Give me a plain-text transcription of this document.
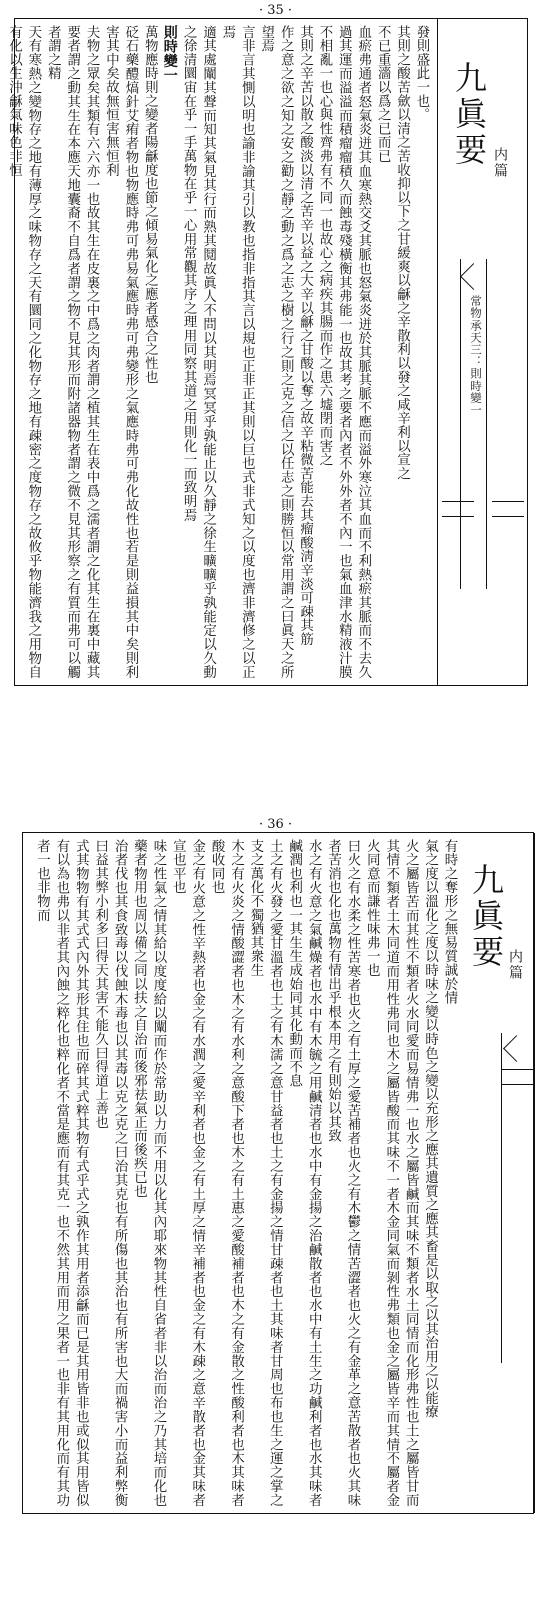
· 35 ·

發則盛此一也。

其則之酸苦歛以清之苦收抑以下之甘緩爽以龢之辛散利以發之咸辛利以宣之

不已重濇以爲之已而已

血瘀弗通者怒氣炎迸其血寒熱交爻其脈也怒氣炎迸於其脈其脈不應而溢外寒泣其血而不利熱瘀其脈而不去久過其運而溢溢而積瘤瘤積久而蝕毒殘橫衡其弗能一也故其考之要者內者不外外者不內一也氣血津水精液汁膜不相亂一也心與性齊弗有不同一也故心之病疾其腸而作之患六墟閉而害之

其則之辛苦以散之酸淡以清之苦辛以益之大辛以龢之甘酸以奪之故辛粘微苦能去其瘤酸淸辛淡可疎其筋

作之意之欲之知之安之勸之靜之動之爲之志之樹之行之則之克之信之以任志之則勝恒以常用謂之曰眞天之所望焉

言非言其惻以明也諭非諭其引以教也指非指其言以規也正非正其則以巨也式非式知之以度也濟非濟修之以正焉

適其處闡其聲而知其氣見其行而熟其鬩故眞人不問以其明焉冥冥乎孰能止以久靜之徐生曠曠乎孰能定以久動之徐清圜宙在乎一手萬物在乎一心用常觀其序之理用同察其道之用則化一而致明焉

則時變一

萬物應時則之變者陽龢度也節之傾易氣化之應者感合之性也

砭石藥醴熇針艾痏者物也物應時弗可弗易氣應時弗可弗變形之氣應時弗可弗化故性也若是則益損其中矣則利害其中矣故無恒害無恒利

夫物之眾矣其類有六六亦一也故其生在皮裏之中爲之肉者謂之植其生在表中爲之濡者謂之化其生在裏中藏其要者謂之動其生在本應天地囊裔不自爲者謂之物不見其形而附諸器物者謂之微不見其形察之有質而弗可以觸者謂之精

天有寒熱之變物存之地有薄厚之味物存之天有圜同之化物存之地有疎密之度物存之故攸乎物能濟我之用物自有化以生沖龢氣味色非恒	九眞要 内篇
常物承天三：則時變一
· 36 ·

有時之奪形之無易質誠於情

氣之度以溫化之度以時味之變以時色之變以充形之應其遺質之應其畜是以取之以其治用之以能療

火之屬皆苦而其性不類者火水同愛而易情弗一也水之屬皆鹹而其味不類者水土同情而化形弗性也土之屬皆甘而其情不類者土木同道而用性弗同也木之屬皆酸而其味不一者木金同氣而剝性弗類也金之屬皆辛而其情不屬者金火同意而謙性味弗一也

曰火之有水柔之性苦寒者也火之有土厚之愛苦補者也火之有木鬱之情苦澀者也火之有金革之意苦散者也火其味者苦消也化也萬物有情出乎根本用之有則始以其致

水之有火意之氣鹹燥者也水中有木毓之用鹹清者也水中有金揚之治鹹散者也水中有土生之功鹹利者也水其味者鹹潤也利也一其生生成始同其化動而不息

土之有火發之愛甘溫者也土之有木濡之意甘益者也土之有金揚之情甘疎者也土其味者甘周也布也生之運之掌之支之萬化不獨猶其衆生

木之有火炎之情酸澀者也木之有水利之意酸下者也木之有土惠之愛酸補者也木之有金散之性酸利者也木其味者酸收同也

金之有火意之性辛熱者也金之有水潤之愛辛利者也金之有土厚之情辛補者也金之有木疎之意辛散者也金其味者宣也平也

味之性氣之情其給以度度給以闡而作於常助以力而不用以化其內耶來物其性自省者非以治而治之乃其培而化也藥者物用也周以備之同以扶之自治而後邪祛氣正而後疾已也

治者伐也其食致毒以伐蝕木毒也以其毒以克之克之曰治其克也有所傷也其治也有所害也大而禍害小而益利弊衡曰益其弊小利多曰得天其害不能久曰得道上善也

式其物物有其式式內外其形其住也而碎其式粹其物有式乎式之孰作其用者添龢而已是其用皆非也或似其用皆似有以為也弗以非者其內蝕之粹化也粹化者不當是應而有其克一也不然其用而用之果者一也非有其用化而有其功者一也非物而	九眞要 内篇
